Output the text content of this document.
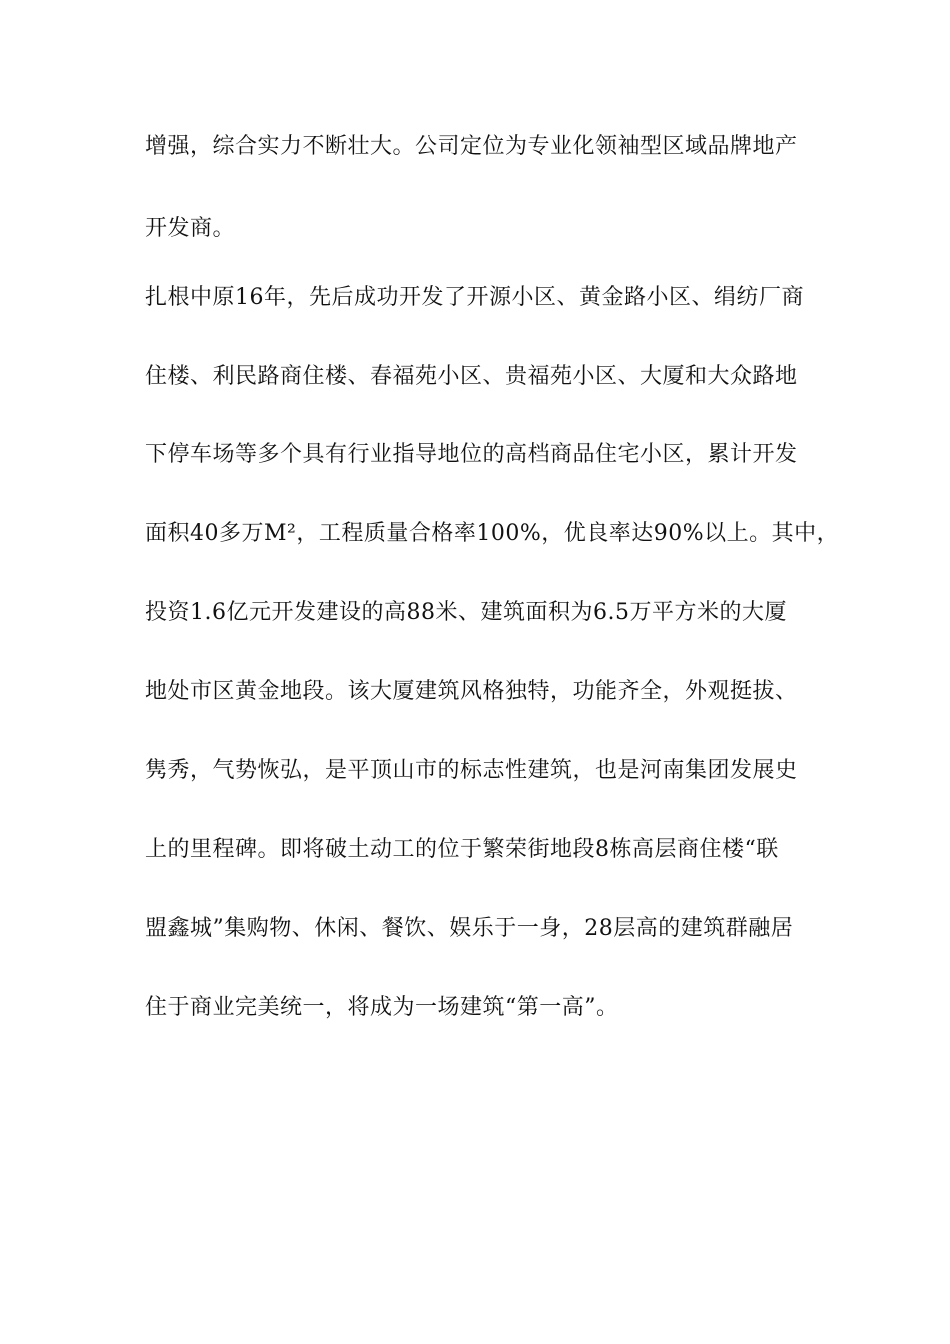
增强，综合实力不断壮大。公司定位为专业化领袖型区域品牌地产
开发商。
扎根中原16年，先后成功开发了开源小区、黄金路小区、绢纺厂商
住楼、利民路商住楼、春福苑小区、贵福苑小区、大厦和大众路地
下停车场等多个具有行业指导地位的高档商品住宅小区，累计开发
面积40多万M²，工程质量合格率100%，优良率达90%以上。其中，
投资1.6亿元开发建设的高88米、建筑面积为6.5万平方米的大厦
地处市区黄金地段。该大厦建筑风格独特，功能齐全，外观挺拔、
隽秀，气势恢弘，是平顶山市的标志性建筑，也是河南集团发展史
上的里程碑。即将破土动工的位于繁荣街地段8栋高层商住楼“联
盟鑫城”集购物、休闲、餐饮、娱乐于一身，28层高的建筑群融居
住于商业完美统一，将成为一场建筑“第一高”。
